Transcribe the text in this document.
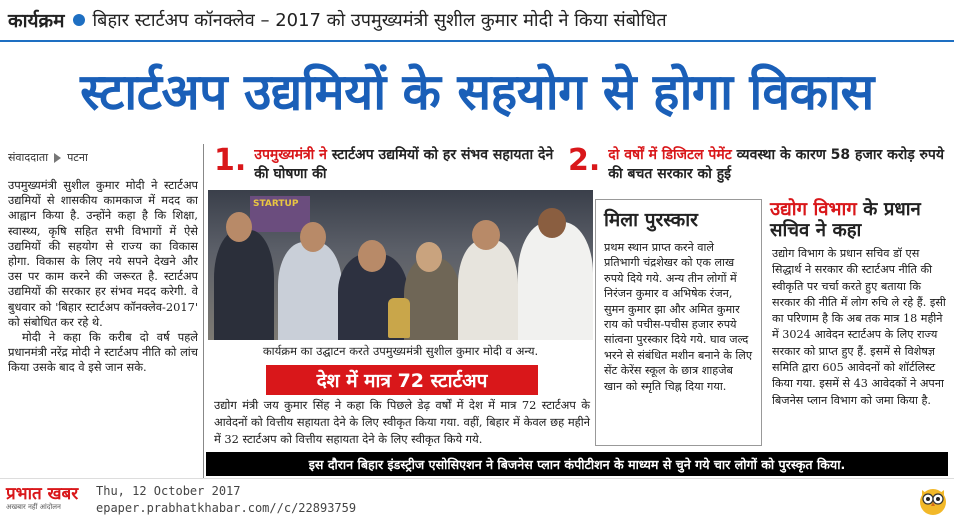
कार्यक्रम बिहार स्टार्टअप कॉनक्लेव – 2017 को उपमुख्यमंत्री सुशील कुमार मोदी ने किया संबोधित
स्टार्टअप उद्यमियों के सहयोग से होगा विकास
संवाददाता पटना

उपमुख्यमंत्री सुशील कुमार मोदी ने स्टार्टअप उद्यमियों से शासकीय कामकाज में मदद का आह्वान किया है. उन्होंने कहा है कि शिक्षा, स्वास्थ्य, कृषि सहित सभी विभागों में ऐसे उद्यमियों की सहयोग से राज्य का विकास होगा. विकास के लिए नये सपने देखने और उस पर काम करने की जरूरत है. स्टार्टअप उद्यमियों की सरकार हर संभव मदद करेगी. वे बुधवार को 'बिहार स्टार्टअप कॉनक्लेव-2017' को संबोधित कर रहे थे.

मोदी ने कहा कि करीब दो वर्ष पहले प्रधानमंत्री नरेंद्र मोदी ने स्टार्टअप नीति को लांच किया उसके बाद वे इसे जान सके.

1. उपमुख्यमंत्री ने स्टार्टअप उद्यमियों को हर संभव सहायता देने की घोषणा की	2. दो वर्षों में डिजिटल पेमेंट व्यवस्था के कारण 58 हजार करोड़ रुपये की बचत सरकार को हुई
STARTUP
कार्यक्रम का उद्घाटन करते उपमुख्यमंत्री सुशील कुमार मोदी व अन्य.
देश में मात्र 72 स्टार्टअप
उद्योग मंत्री जय कुमार सिंह ने कहा कि पिछले डेढ़ वर्षों में देश में मात्र 72 स्टार्टअप के आवेदनों को वित्तीय सहायता देने के लिए स्वीकृत किया गया. वहीं, बिहार में केवल छह महीने में 32 स्टार्टअप को वित्तीय सहायता देने के लिए स्वीकृत किये गये.
मिला पुरस्कार
प्रथम स्थान प्राप्त करने वाले प्रतिभागी चंद्रशेखर को एक लाख रुपये दिये गये. अन्य तीन लोगों में निरंजन कुमार व अभिषेक रंजन, सुमन कुमार झा और अमित कुमार राय को पचीस-पचीस हजार रुपये सांत्वना पुरस्कार दिये गये. घाव जल्द भरने से संबंधित मशीन बनाने के लिए सेंट केरेंस स्कूल के छात्र शाहजेब खान को स्मृति चिह्न दिया गया.
उद्योग विभाग के प्रधान सचिव ने कहा
उद्योग विभाग के प्रधान सचिव डॉ एस सिद्धार्थ ने सरकार की स्टार्टअप नीति की स्वीकृति पर चर्चा करते हुए बताया कि सरकार की नीति में लोग रुचि ले रहे हैं. इसी का परिणाम है कि अब तक मात्र 18 महीने में 3024 आवेदन स्टार्टअप के लिए राज्य सरकार को प्राप्त हुए हैं. इसमें से विशेषज्ञ समिति द्वारा 605 आवेदनों को शॉर्टलिस्ट किया गया. इसमें से 43 आवेदकों ने अपना बिजनेस प्लान विभाग को जमा किया है.
इस दौरान बिहार इंडस्ट्रीज एसोसिएशन ने बिजनेस प्लान कंपीटीशन के माध्यम से चुने गये चार लोगों को पुरस्कृत किया.
प्रभात खबर
अखबार नहीं आंदोलन
Thu, 12 October 2017
epaper.prabhatkhabar.com//c/22893759
